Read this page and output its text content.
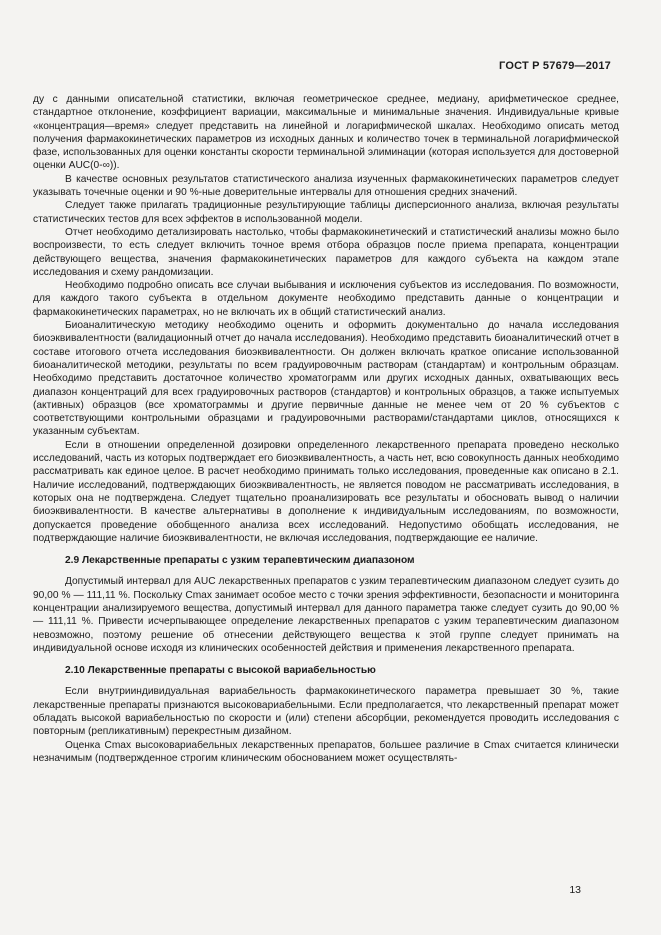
ГОСТ Р 57679—2017

ду с данными описательной статистики, включая геометрическое среднее, медиану, арифметическое среднее, стандартное отклонение, коэффициент вариации, максимальные и минимальные значения. Индивидуальные кривые «концентрация—время» следует представить на линейной и логарифмической шкалах. Необходимо описать метод получения фармакокинетических параметров из исходных данных и количество точек в терминальной логарифмической фазе, использованных для оценки константы скорости терминальной элиминации (которая используется для достоверной оценки AUC(0-∞)).

В качестве основных результатов статистического анализа изученных фармакокинетических параметров следует указывать точечные оценки и 90 %-ные доверительные интервалы для отношения средних значений.

Следует также прилагать традиционные результирующие таблицы дисперсионного анализа, включая результаты статистических тестов для всех эффектов в использованной модели.

Отчет необходимо детализировать настолько, чтобы фармакокинетический и статистический анализы можно было воспроизвести, то есть следует включить точное время отбора образцов после приема препарата, концентрации действующего вещества, значения фармакокинетических параметров для каждого субъекта на каждом этапе исследования и схему рандомизации.

Необходимо подробно описать все случаи выбывания и исключения субъектов из исследования. По возможности, для каждого такого субъекта в отдельном документе необходимо представить данные о концентрации и фармакокинетических параметрах, но не включать их в общий статистический анализ.

Биоаналитическую методику необходимо оценить и оформить документально до начала исследования биоэквивалентности (валидационный отчет до начала исследования). Необходимо представить биоаналитический отчет в составе итогового отчета исследования биоэквивалентности. Он должен включать краткое описание использованной биоаналитической методики, результаты по всем градуировочным растворам (стандартам) и контрольным образцам. Необходимо представить достаточное количество хроматограмм или других исходных данных, охватывающих весь диапазон концентраций для всех градуировочных растворов (стандартов) и контрольных образцов, а также испытуемых (активных) образцов (все хроматограммы и другие первичные данные не менее чем от 20 % субъектов с соответствующими контрольными образцами и градуировочными растворами/стандартами циклов, относящихся к указанным субъектам.

Если в отношении определенной дозировки определенного лекарственного препарата проведено несколько исследований, часть из которых подтверждает его биоэквивалентность, а часть нет, всю совокупность данных необходимо рассматривать как единое целое. В расчет необходимо принимать только исследования, проведенные как описано в 2.1. Наличие исследований, подтверждающих биоэквивалентность, не является поводом не рассматривать исследования, в которых она не подтверждена. Следует тщательно проанализировать все результаты и обосновать вывод о наличии биоэквивалентности. В качестве альтернативы в дополнение к индивидуальным исследованиям, по возможности, допускается проведение обобщенного анализа всех исследований. Недопустимо обобщать исследования, не подтверждающие наличие биоэквивалентности, не включая исследования, подтверждающие ее наличие.

2.9 Лекарственные препараты с узким терапевтическим диапазоном

Допустимый интервал для AUC лекарственных препаратов с узким терапевтическим диапазоном следует сузить до 90,00 % — 111,11 %. Поскольку Cmax занимает особое место с точки зрения эффективности, безопасности и мониторинга концентрации анализируемого вещества, допустимый интервал для данного параметра также следует сузить до 90,00 % — 111,11 %. Привести исчерпывающее определение лекарственных препаратов с узким терапевтическим диапазоном невозможно, поэтому решение об отнесении действующего вещества к этой группе следует принимать на индивидуальной основе исходя из клинических особенностей действия и применения лекарственного препарата.

2.10 Лекарственные препараты с высокой вариабельностью

Если внутрииндивидуальная вариабельность фармакокинетического параметра превышает 30 %, такие лекарственные препараты признаются высоковариабельными. Если предполагается, что лекарственный препарат может обладать высокой вариабельностью по скорости и (или) степени абсорбции, рекомендуется проводить исследования с повторным (репликативным) перекрестным дизайном.

Оценка Cmax высоковариабельных лекарственных препаратов, большее различие в Cmax считается клинически незначимым (подтвержденное строгим клиническим обоснованием может осуществлять-

13
